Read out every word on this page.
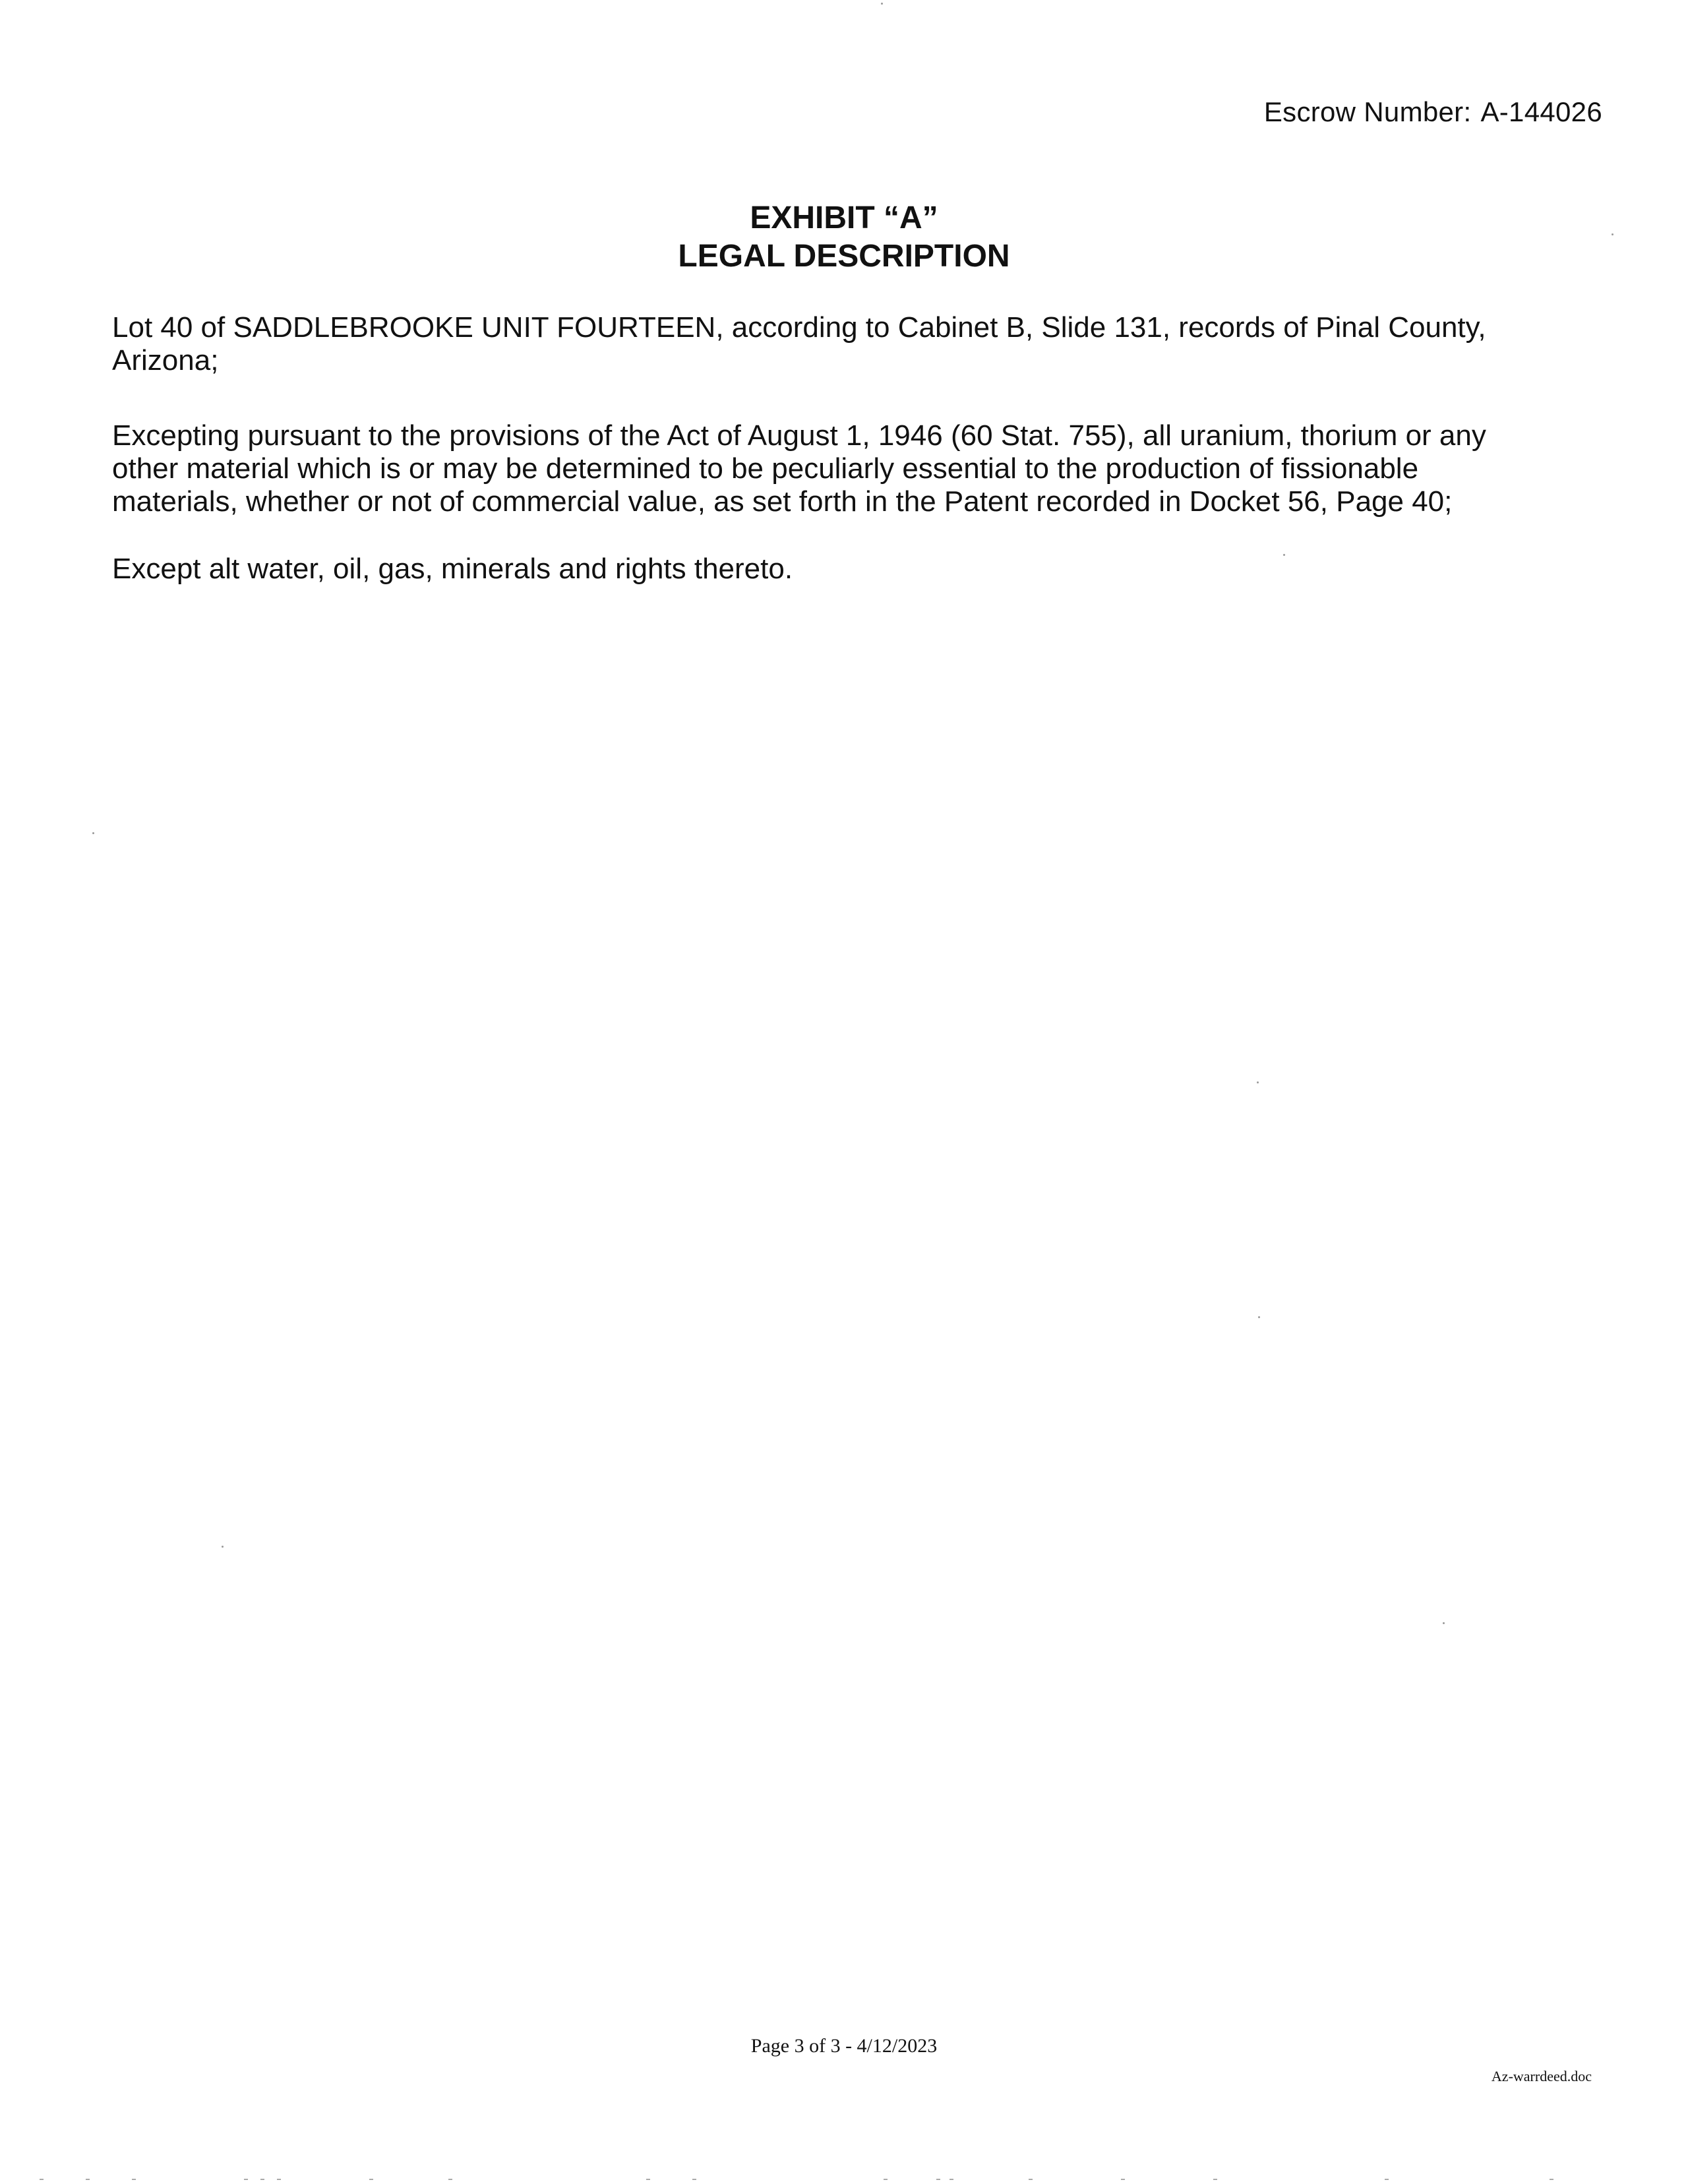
Escrow Number: A-144026
EXHIBIT “A”
LEGAL DESCRIPTION
Lot 40 of SADDLEBROOKE UNIT FOURTEEN, according to Cabinet B, Slide 131, records of Pinal County,
Arizona;
Excepting pursuant to the provisions of the Act of August 1, 1946 (60 Stat. 755), all uranium, thorium or any
other material which is or may be determined to be peculiarly essential to the production of fissionable
materials, whether or not of commercial value, as set forth in the Patent recorded in Docket 56, Page 40;
Except alt water, oil, gas, minerals and rights thereto.
Page 3 of 3 - 4/12/2023
Az-warrdeed.doc
